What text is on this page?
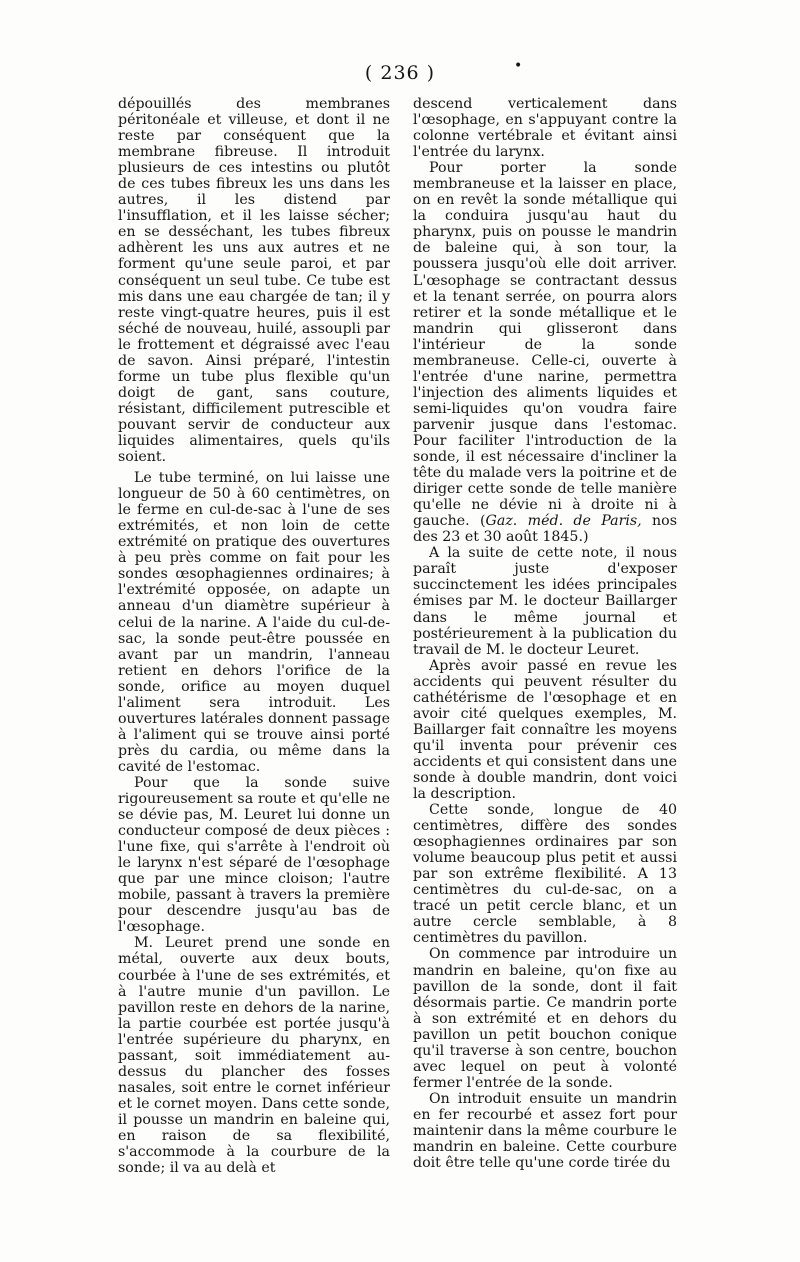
( 236 )	•

dépouillés des membranes péritonéale et villeuse, et dont il ne reste par conséquent que la membrane fibreuse. Il introduit plusieurs de ces intestins ou plutôt de ces tubes fibreux les uns dans les autres, il les distend par l'insufflation, et il les laisse sécher; en se desséchant, les tubes fibreux adhèrent les uns aux autres et ne forment qu'une seule paroi, et par conséquent un seul tube. Ce tube est mis dans une eau chargée de tan; il y reste vingt-quatre heures, puis il est séché de nouveau, huilé, assoupli par le frottement et dégraissé avec l'eau de savon. Ainsi préparé, l'intestin forme un tube plus flexible qu'un doigt de gant, sans couture, résistant, difficilement putrescible et pouvant servir de conducteur aux liquides alimentaires, quels qu'ils soient.

Le tube terminé, on lui laisse une longueur de 50 à 60 centimètres, on le ferme en cul-de-sac à l'une de ses extrémités, et non loin de cette extrémité on pratique des ouvertures à peu près comme on fait pour les sondes œsophagiennes ordinaires; à l'extrémité opposée, on adapte un anneau d'un diamètre supérieur à celui de la narine. A l'aide du cul-de-sac, la sonde peut-être poussée en avant par un mandrin, l'anneau retient en dehors l'orifice de la sonde, orifice au moyen duquel l'aliment sera introduit. Les ouvertures latérales donnent passage à l'aliment qui se trouve ainsi porté près du cardia, ou même dans la cavité de l'estomac.

Pour que la sonde suive rigoureusement sa route et qu'elle ne se dévie pas, M. Leuret lui donne un conducteur composé de deux pièces : l'une fixe, qui s'arrête à l'endroit où le larynx n'est séparé de l'œsophage que par une mince cloison; l'autre mobile, passant à travers la première pour descendre jusqu'au bas de l'œsophage.

M. Leuret prend une sonde en métal, ouverte aux deux bouts, courbée à l'une de ses extrémités, et à l'autre munie d'un pavillon. Le pavillon reste en dehors de la narine, la partie courbée est portée jusqu'à l'entrée supérieure du pharynx, en passant, soit immédiatement au-dessus du plancher des fosses nasales, soit entre le cornet inférieur et le cornet moyen. Dans cette sonde, il pousse un mandrin en baleine qui, en raison de sa flexibilité, s'accommode à la courbure de la sonde; il va au delà et

descend verticalement dans l'œsophage, en s'appuyant contre la colonne vertébrale et évitant ainsi l'entrée du larynx.

Pour porter la sonde membraneuse et la laisser en place, on en revêt la sonde métallique qui la conduira jusqu'au haut du pharynx, puis on pousse le mandrin de baleine qui, à son tour, la poussera jusqu'où elle doit arriver. L'œsophage se contractant dessus et la tenant serrée, on pourra alors retirer et la sonde métallique et le mandrin qui glisseront dans l'intérieur de la sonde membraneuse. Celle-ci, ouverte à l'entrée d'une narine, permettra l'injection des aliments liquides et semi-liquides qu'on voudra faire parvenir jusque dans l'estomac. Pour faciliter l'introduction de la sonde, il est nécessaire d'incliner la tête du malade vers la poitrine et de diriger cette sonde de telle manière qu'elle ne dévie ni à droite ni à gauche. (Gaz. méd. de Paris, nos des 23 et 30 août 1845.)

A la suite de cette note, il nous paraît juste d'exposer succinctement les idées principales émises par M. le docteur Baillarger dans le même journal et postérieurement à la publication du travail de M. le docteur Leuret.

Après avoir passé en revue les accidents qui peuvent résulter du cathétérisme de l'œsophage et en avoir cité quelques exemples, M. Baillarger fait connaître les moyens qu'il inventa pour prévenir ces accidents et qui consistent dans une sonde à double mandrin, dont voici la description.

Cette sonde, longue de 40 centimètres, diffère des sondes œsophagiennes ordinaires par son volume beaucoup plus petit et aussi par son extrême flexibilité. A 13 centimètres du cul-de-sac, on a tracé un petit cercle blanc, et un autre cercle semblable, à 8 centimètres du pavillon.

On commence par introduire un mandrin en baleine, qu'on fixe au pavillon de la sonde, dont il fait désormais partie. Ce mandrin porte à son extrémité et en dehors du pavillon un petit bouchon conique qu'il traverse à son centre, bouchon avec lequel on peut à volonté fermer l'entrée de la sonde.

On introduit ensuite un mandrin en fer recourbé et assez fort pour maintenir dans la même courbure le mandrin en baleine. Cette courbure doit être telle qu'une corde tirée du
